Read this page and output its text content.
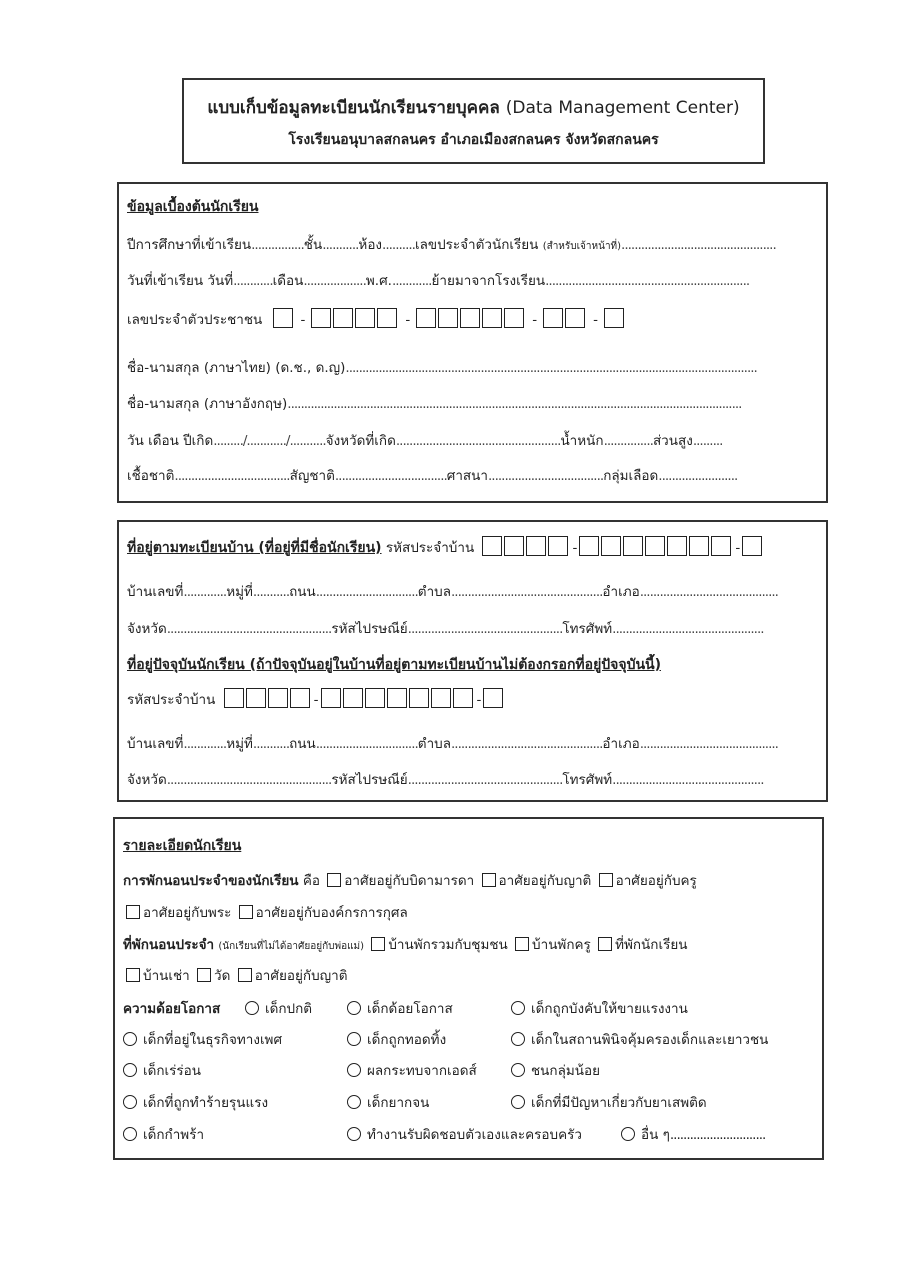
แบบเก็บข้อมูลทะเบียนนักเรียนรายบุคคล (Data Management Center)
โรงเรียนอนุบาลสกลนคร อำเภอเมืองสกลนคร จังหวัดสกลนคร
ข้อมูลเบื้องต้นนักเรียน
ปีการศึกษาที่เข้าเรียน................ชั้น...........ห้อง..........เลขประจำตัวนักเรียน (สำหรับเจ้าหน้าที่)...............................................
วันที่เข้าเรียน วันที่............เดือน...................พ.ศ.............ย้ายมาจากโรงเรียน..............................................................
เลขประจำตัวประชาชน	-	-	-	-
ชื่อ-นามสกุล (ภาษาไทย) (ด.ช., ด.ญ).............................................................................................................................
ชื่อ-นามสกุล (ภาษาอังกฤษ)..........................................................................................................................................
วัน เดือน ปีเกิด........./............/...........จังหวัดที่เกิด..................................................น้ำหนัก...............ส่วนสูง.........
เชื้อชาติ...................................สัญชาติ..................................ศาสนา...................................กลุ่มเลือด........................
ที่อยู่ตามทะเบียนบ้าน (ที่อยู่ที่มีชื่อนักเรียน) รหัสประจำบ้าน	-	-
บ้านเลขที่.............หมู่ที่...........ถนน...............................ตำบล..............................................อำเภอ..........................................
จังหวัด..................................................รหัสไปรษณีย์...............................................โทรศัพท์..............................................
ที่อยู่ปัจจุบันนักเรียน (ถ้าปัจจุบันอยู่ในบ้านที่อยู่ตามทะเบียนบ้านไม่ต้องกรอกที่อยู่ปัจจุบันนี้)
รหัสประจำบ้าน	-	-
บ้านเลขที่.............หมู่ที่...........ถนน...............................ตำบล..............................................อำเภอ..........................................
จังหวัด..................................................รหัสไปรษณีย์...............................................โทรศัพท์..............................................
รายละเอียดนักเรียน
การพักนอนประจำของนักเรียน คือ อาศัยอยู่กับบิดามารดา อาศัยอยู่กับญาติ อาศัยอยู่กับครู
อาศัยอยู่กับพระ อาศัยอยู่กับองค์กรการกุศล
ที่พักนอนประจำ (นักเรียนที่ไม่ได้อาศัยอยู่กับพ่อแม่) บ้านพักรวมกับชุมชน บ้านพักครู ที่พักนักเรียน
บ้านเช่า วัด อาศัยอยู่กับญาติ
ความด้อยโอกาส	เด็กปกติ	เด็กด้อยโอกาส	เด็กถูกบังคับให้ขายแรงงาน
เด็กที่อยู่ในธุรกิจทางเพศ	เด็กถูกทอดทิ้ง	เด็กในสถานพินิจคุ้มครองเด็กและเยาวชน
เด็กเร่ร่อน	ผลกระทบจากเอดส์	ชนกลุ่มน้อย
เด็กที่ถูกทำร้ายรุนแรง	เด็กยากจน	เด็กที่มีปัญหาเกี่ยวกับยาเสพติด
เด็กกำพร้า	ทำงานรับผิดชอบตัวเองและครอบครัว	อื่น ๆ.............................
